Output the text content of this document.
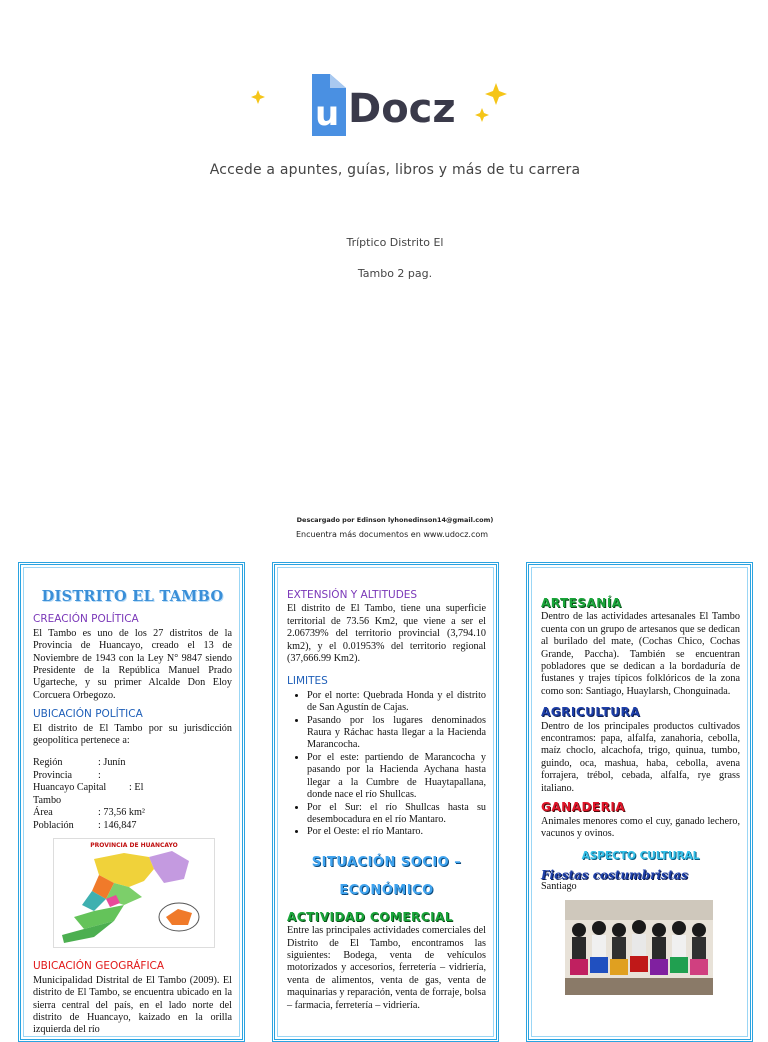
u Docz
Accede a apuntes, guías, libros y más de tu carrera
Tríptico Distrito El
Tambo 2 pag.
Descargado por Edinson lyhonedinson14@gmail.com)
Encuentra más documentos en www.udocz.com
DISTRITO EL TAMBO
CREACIÓN POLÍTICA

El Tambo es uno de los 27 distritos de la Provincia de Huancayo, creado el 13 de Noviembre de 1943 con la Ley N° 9847 siendo Presidente de la República Manuel Prado Ugarteche, y su primer Alcalde Don Eloy Corcuera Orbegozo.

UBICACIÓN POLÍTICA

El distrito de El Tambo por su jurisdicción geopolítica pertenece a:

Región	: Junín
Provincia	:
Huancayo Capital	: El
Tambo
Área	: 73,56 km²
Población	: 146,847
PROVINCIA DE HUANCAYO
UBICACIÓN GEOGRÁFICA

Municipalidad Distrital de El Tambo (2009). El distrito de El Tambo, se encuentra ubicado en la sierra central del país, en el lado norte del distrito de Huancayo, kaizado en la orilla izquierda del río

EXTENSIÓN Y ALTITUDES

El distrito de El Tambo, tiene una superficie territorial de 73.56 Km2, que viene a ser el 2.06739% del territorio provincial (3,794.10 km2), y el 0.01953% del territorio regional (37,666.99 Km2).

LIMITES
• Por el norte: Quebrada Honda y el distrito de San Agustín de Cajas.
• Pasando por los lugares denominados Raura y Ráchac hasta llegar a la Hacienda Marancocha.
• Por el este: partiendo de Marancocha y pasando por la Hacienda Aychana hasta llegar a la Cumbre de Huaytapallana, donde nace el río Shullcas.
• Por el Sur: el río Shullcas hasta su desembocadura en el río Mantaro.
• Por el Oeste: el río Mantaro.
SITUACIÓN SOCIO – ECONÓMICO
ACTIVIDAD COMERCIAL

Entre las principales actividades comerciales del Distrito de El Tambo, encontramos las siguientes: Bodega, venta de vehículos motorizados y accesorios, ferretería – vidriería, venta de alimentos, venta de gas, venta de maquinarias y reparación, venta de forraje, bolsa – farmacia, ferretería – vidriería.

ARTESANÍA

Dentro de las actividades artesanales El Tambo cuenta con un grupo de artesanos que se dedican al burilado del mate, (Cochas Chico, Cochas Grande, Paccha). También se encuentran pobladores que se dedican a la bordaduría de fustanes y trajes típicos folklóricos de la zona como son: Santiago, Huaylarsh, Chonguinada.

AGRICULTURA

Dentro de los principales productos cultivados encontramos: papa, alfalfa, zanahoria, cebolla, maíz choclo, alcachofa, trigo, quinua, tumbo, guindo, oca, mashua, haba, cebolla, avena forrajera, trébol, cebada, alfalfa, rye grass italiano.

GANADERIA

Animales menores como el cuy, ganado lechero, vacunos y ovinos.

ASPECTO CULTURAL
Fiestas costumbristas
Santiago
